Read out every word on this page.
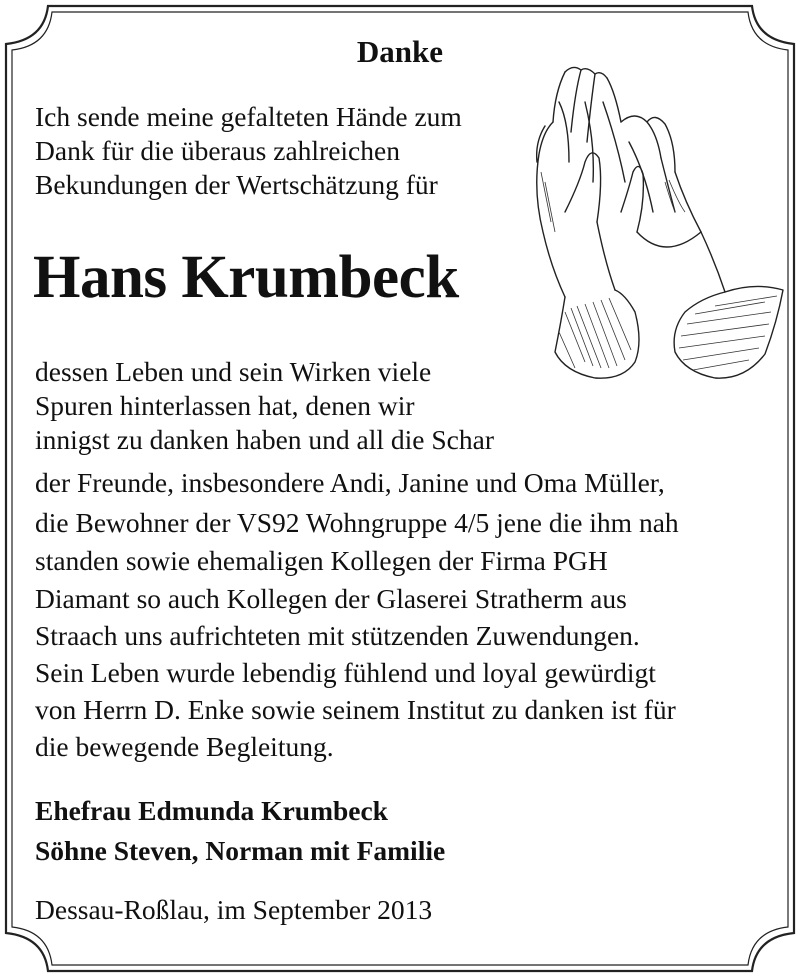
Danke
Ich sende meine gefalteten Hände zum
Dank für die überaus zahlreichen
Bekundungen der Wertschätzung für
Hans Krumbeck
dessen Leben und sein Wirken viele
Spuren hinterlassen hat, denen wir
innigst zu danken haben und all die Schar
der Freunde, insbesondere Andi, Janine und Oma Müller,
die Bewohner der VS92 Wohngruppe 4/5 jene die ihm nah
standen sowie ehemaligen Kollegen der Firma PGH
Diamant so auch Kollegen der Glaserei Stratherm aus
Straach uns aufrichteten mit stützenden Zuwendungen.
Sein Leben wurde lebendig fühlend und loyal gewürdigt
von Herrn D. Enke sowie seinem Institut zu danken ist für
die bewegende Begleitung.
Ehefrau Edmunda Krumbeck
Söhne Steven, Norman mit Familie
Dessau-Roßlau, im September 2013
